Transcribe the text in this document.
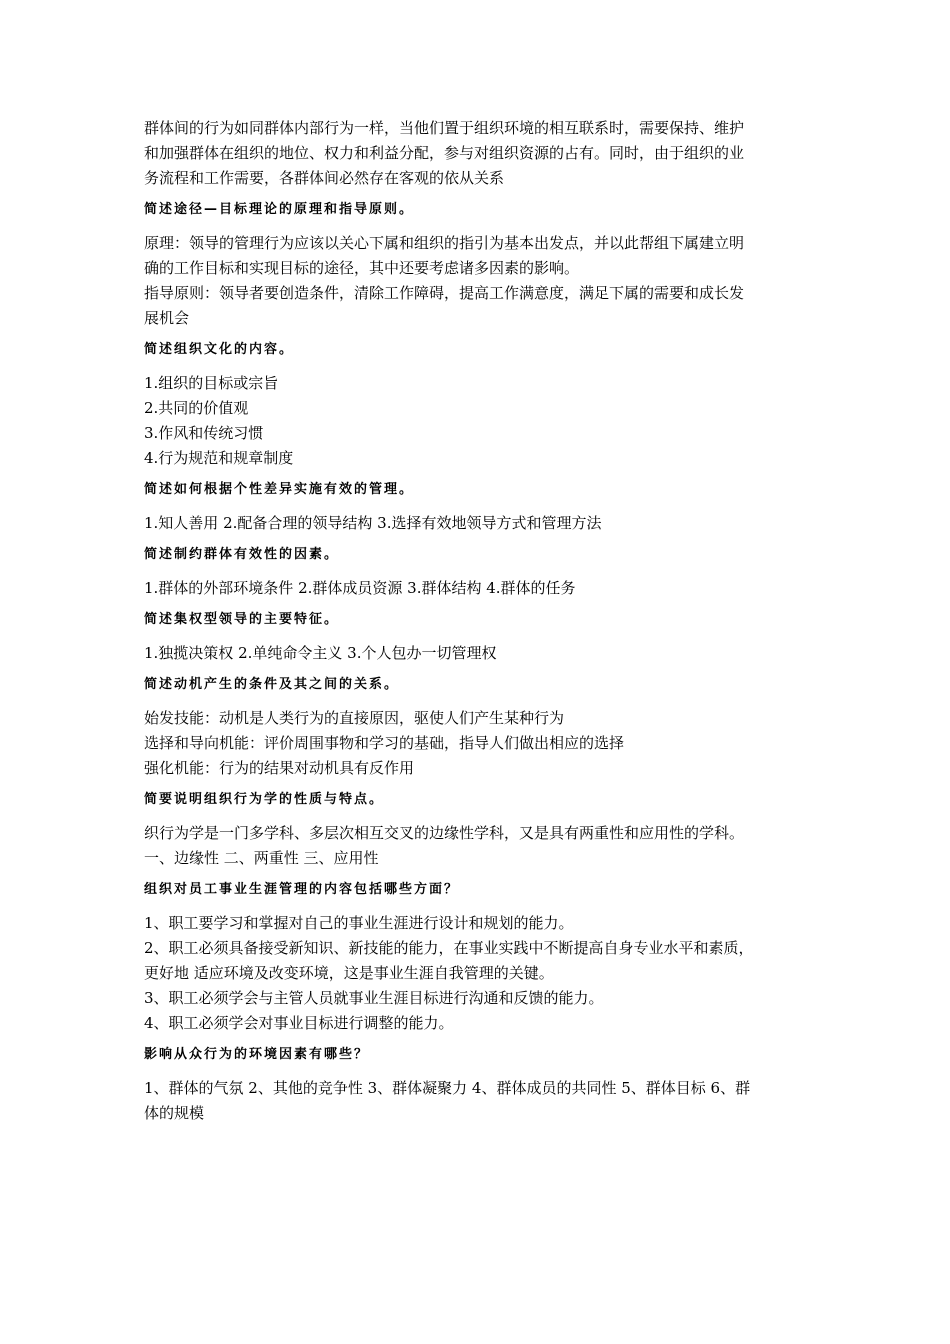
群体间的行为如同群体内部行为一样，当他们置于组织环境的相互联系时，需要保持、维护
和加强群体在组织的地位、权力和利益分配，参与对组织资源的占有。同时，由于组织的业
务流程和工作需要，各群体间必然存在客观的依从关系
简述途径—目标理论的原理和指导原则。
原理：领导的管理行为应该以关心下属和组织的指引为基本出发点，并以此帮组下属建立明
确的工作目标和实现目标的途径，其中还要考虑诸多因素的影响。
指导原则：领导者要创造条件，清除工作障碍，提高工作满意度，满足下属的需要和成长发
展机会
简述组织文化的内容。
1.组织的目标或宗旨
2.共同的价值观
3.作风和传统习惯
4.行为规范和规章制度
简述如何根据个性差异实施有效的管理。
1.知人善用 2.配备合理的领导结构 3.选择有效地领导方式和管理方法
简述制约群体有效性的因素。
1.群体的外部环境条件 2.群体成员资源 3.群体结构 4.群体的任务
简述集权型领导的主要特征。
1.独揽决策权 2.单纯命令主义 3.个人包办一切管理权
简述动机产生的条件及其之间的关系。
始发技能：动机是人类行为的直接原因，驱使人们产生某种行为
选择和导向机能：评价周围事物和学习的基础，指导人们做出相应的选择
强化机能：行为的结果对动机具有反作用
简要说明组织行为学的性质与特点。
织行为学是一门多学科、多层次相互交叉的边缘性学科，又是具有两重性和应用性的学科。
一、边缘性 二、两重性 三、应用性
组织对员工事业生涯管理的内容包括哪些方面？
1、职工要学习和掌握对自己的事业生涯进行设计和规划的能力。
2、职工必须具备接受新知识、新技能的能力，在事业实践中不断提高自身专业水平和素质，
更好地 适应环境及改变环境，这是事业生涯自我管理的关键。
3、职工必须学会与主管人员就事业生涯目标进行沟通和反馈的能力。
4、职工必须学会对事业目标进行调整的能力。
影响从众行为的环境因素有哪些？
1、群体的气氛 2、其他的竞争性 3、群体凝聚力 4、群体成员的共同性 5、群体目标 6、群
体的规模
